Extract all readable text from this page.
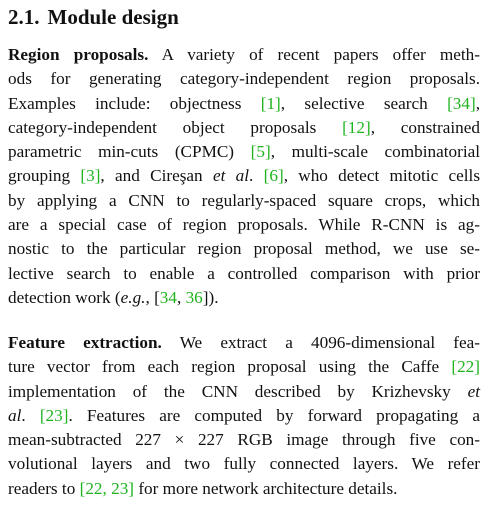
2.1. Module design
Region proposals. A variety of recent papers offer meth-
ods for generating category-independent region proposals.
Examples include: objectness [1], selective search [34],
category-independent object proposals [12], constrained
parametric min-cuts (CPMC) [5], multi-scale combinatorial
grouping [3], and Cireşan et al. [6], who detect mitotic cells
by applying a CNN to regularly-spaced square crops, which
are a special case of region proposals. While R-CNN is ag-
nostic to the particular region proposal method, we use se-
lective search to enable a controlled comparison with prior
detection work (e.g., [34, 36]).
Feature extraction. We extract a 4096-dimensional fea-
ture vector from each region proposal using the Caffe [22]
implementation of the CNN described by Krizhevsky et
al. [23]. Features are computed by forward propagating a
mean-subtracted 227 × 227 RGB image through five con-
volutional layers and two fully connected layers. We refer
readers to [22, 23] for more network architecture details.
